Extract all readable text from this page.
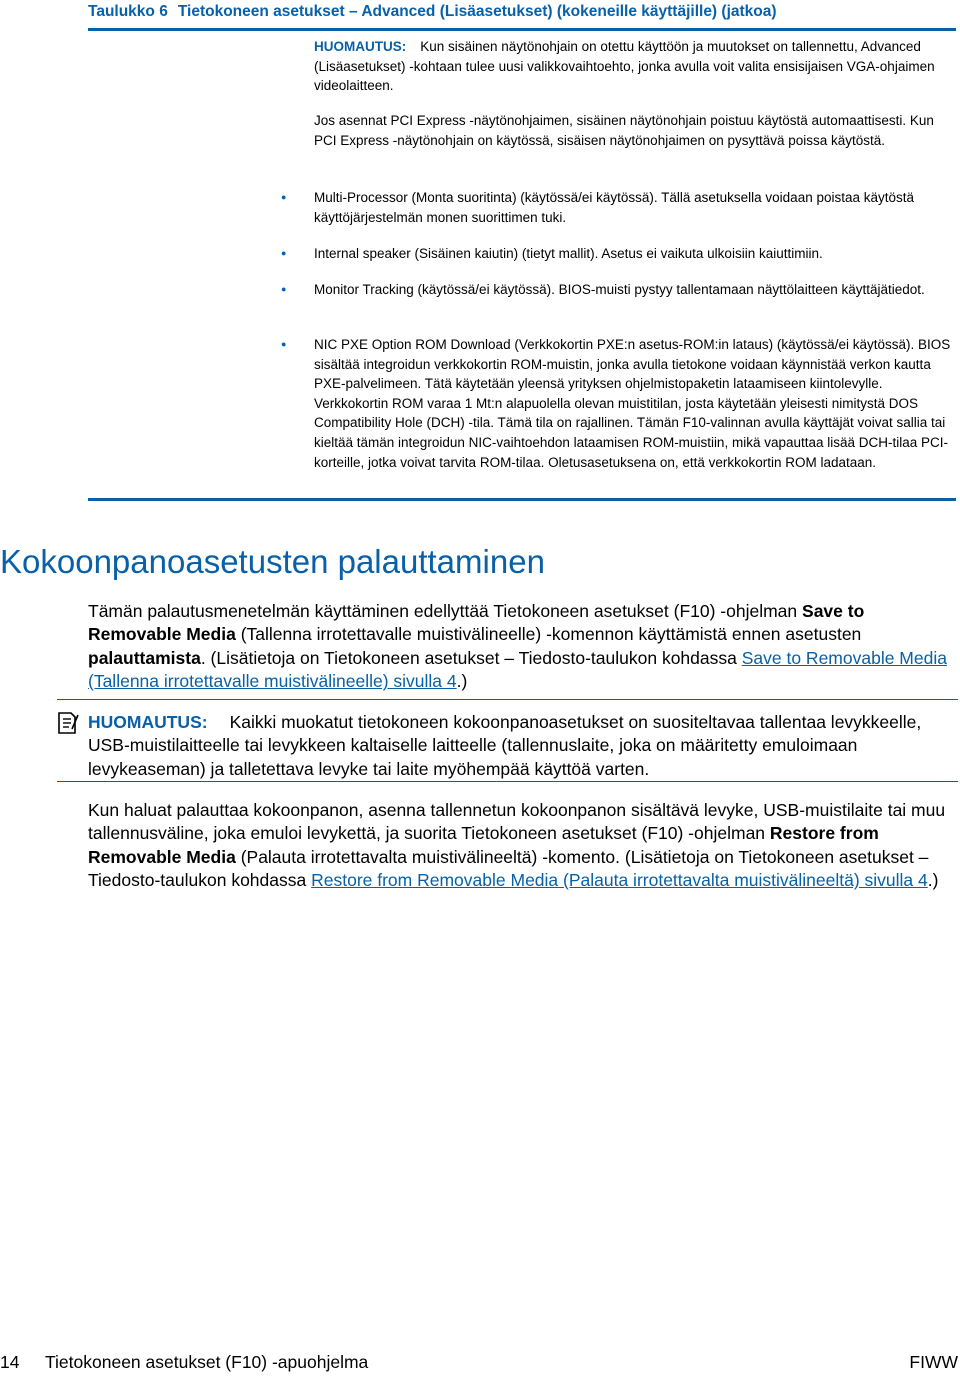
Taulukko 6 Tietokoneen asetukset – Advanced (Lisäasetukset) (kokeneille käyttäjille) (jatkoa)
HUOMAUTUS: Kun sisäinen näytönohjain on otettu käyttöön ja muutokset on tallennettu, Advanced (Lisäasetukset) -kohtaan tulee uusi valikkovaihtoehto, jonka avulla voit valita ensisijaisen VGA-ohjaimen videolaitteen.
Jos asennat PCI Express -näytönohjaimen, sisäinen näytönohjain poistuu käytöstä automaattisesti. Kun PCI Express -näytönohjain on käytössä, sisäisen näytönohjaimen on pysyttävä poissa käytöstä.
● Multi-Processor (Monta suoritinta) (käytössä/ei käytössä). Tällä asetuksella voidaan poistaa käytöstä käyttöjärjestelmän monen suorittimen tuki.
● Internal speaker (Sisäinen kaiutin) (tietyt mallit). Asetus ei vaikuta ulkoisiin kaiuttimiin.
● Monitor Tracking (käytössä/ei käytössä). BIOS-muisti pystyy tallentamaan näyttölaitteen käyttäjätiedot.
● NIC PXE Option ROM Download (Verkkokortin PXE:n asetus-ROM:in lataus) (käytössä/ei käytössä). BIOS sisältää integroidun verkkokortin ROM-muistin, jonka avulla tietokone voidaan käynnistää verkon kautta PXE-palvelimeen. Tätä käytetään yleensä yrityksen ohjelmistopaketin lataamiseen kiintolevylle. Verkkokortin ROM varaa 1 Mt:n alapuolella olevan muistitilan, josta käytetään yleisesti nimitystä DOS Compatibility Hole (DCH) -tila. Tämä tila on rajallinen. Tämän F10-valinnan avulla käyttäjät voivat sallia tai kieltää tämän integroidun NIC-vaihtoehdon lataamisen ROM-muistiin, mikä vapauttaa lisää DCH-tilaa PCI-korteille, jotka voivat tarvita ROM-tilaa. Oletusasetuksena on, että verkkokortin ROM ladataan.
Kokoonpanoasetusten palauttaminen
Tämän palautusmenetelmän käyttäminen edellyttää Tietokoneen asetukset (F10) -ohjelman Save to Removable Media (Tallenna irrotettavalle muistivälineelle) -komennon käyttämistä ennen asetusten palauttamista. (Lisätietoja on Tietokoneen asetukset – Tiedosto-taulukon kohdassa Save to Removable Media (Tallenna irrotettavalle muistivälineelle) sivulla 4.)
HUOMAUTUS: Kaikki muokatut tietokoneen kokoonpanoasetukset on suositeltavaa tallentaa levykkeelle, USB-muistilaitteelle tai levykkeen kaltaiselle laitteelle (tallennuslaite, joka on määritetty emuloimaan levykeaseman) ja talletettava levyke tai laite myöhempää käyttöä varten.
Kun haluat palauttaa kokoonpanon, asenna tallennetun kokoonpanon sisältävä levyke, USB-muistilaite tai muu tallennusväline, joka emuloi levykettä, ja suorita Tietokoneen asetukset (F10) -ohjelman Restore from Removable Media (Palauta irrotettavalta muistivälineeltä) -komento. (Lisätietoja on Tietokoneen asetukset – Tiedosto-taulukon kohdassa Restore from Removable Media (Palauta irrotettavalta muistivälineeltä) sivulla 4.)
14 Tietokoneen asetukset (F10) -apuohjelma	FIWW
